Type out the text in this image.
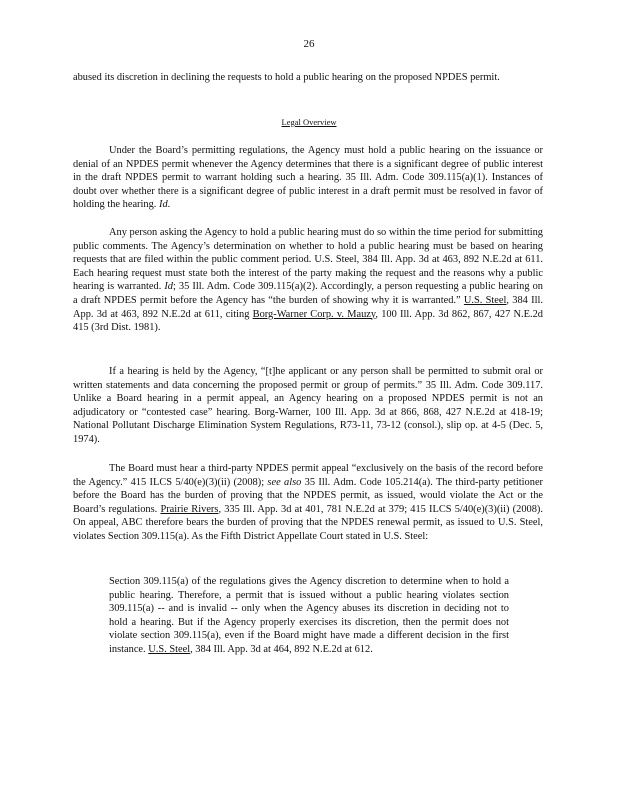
26

abused its discretion in declining the requests to hold a public hearing on the proposed NPDES permit.

Legal Overview

Under the Board’s permitting regulations, the Agency must hold a public hearing on the issuance or denial of an NPDES permit whenever the Agency determines that there is a significant degree of public interest in the draft NPDES permit to warrant holding such a hearing. 35 Ill. Adm. Code 309.115(a)(1). Instances of doubt over whether there is a significant degree of public interest in a draft permit must be resolved in favor of holding the hearing. Id.

Any person asking the Agency to hold a public hearing must do so within the time period for submitting public comments. The Agency’s determination on whether to hold a public hearing must be based on hearing requests that are filed within the public comment period. U.S. Steel, 384 Ill. App. 3d at 463, 892 N.E.2d at 611. Each hearing request must state both the interest of the party making the request and the reasons why a public hearing is warranted. Id; 35 Ill. Adm. Code 309.115(a)(2). Accordingly, a person requesting a public hearing on a draft NPDES permit before the Agency has “the burden of showing why it is warranted.” U.S. Steel, 384 Ill. App. 3d at 463, 892 N.E.2d at 611, citing Borg-Warner Corp. v. Mauzy, 100 Ill. App. 3d 862, 867, 427 N.E.2d 415 (3rd Dist. 1981).

If a hearing is held by the Agency, “[t]he applicant or any person shall be permitted to submit oral or written statements and data concerning the proposed permit or group of permits.” 35 Ill. Adm. Code 309.117. Unlike a Board hearing in a permit appeal, an Agency hearing on a proposed NPDES permit is not an adjudicatory or “contested case” hearing. Borg-Warner, 100 Ill. App. 3d at 866, 868, 427 N.E.2d at 418-19; National Pollutant Discharge Elimination System Regulations, R73-11, 73-12 (consol.), slip op. at 4-5 (Dec. 5, 1974).

The Board must hear a third-party NPDES permit appeal “exclusively on the basis of the record before the Agency.” 415 ILCS 5/40(e)(3)(ii) (2008); see also 35 Ill. Adm. Code 105.214(a). The third-party petitioner before the Board has the burden of proving that the NPDES permit, as issued, would violate the Act or the Board’s regulations. Prairie Rivers, 335 Ill. App. 3d at 401, 781 N.E.2d at 379; 415 ILCS 5/40(e)(3)(ii) (2008). On appeal, ABC therefore bears the burden of proving that the NPDES renewal permit, as issued to U.S. Steel, violates Section 309.115(a). As the Fifth District Appellate Court stated in U.S. Steel:

Section 309.115(a) of the regulations gives the Agency discretion to determine when to hold a public hearing. Therefore, a permit that is issued without a public hearing violates section 309.115(a) -- and is invalid -- only when the Agency abuses its discretion in deciding not to hold a hearing. But if the Agency properly exercises its discretion, then the permit does not violate section 309.115(a), even if the Board might have made a different decision in the first instance. U.S. Steel, 384 Ill. App. 3d at 464, 892 N.E.2d at 612.
